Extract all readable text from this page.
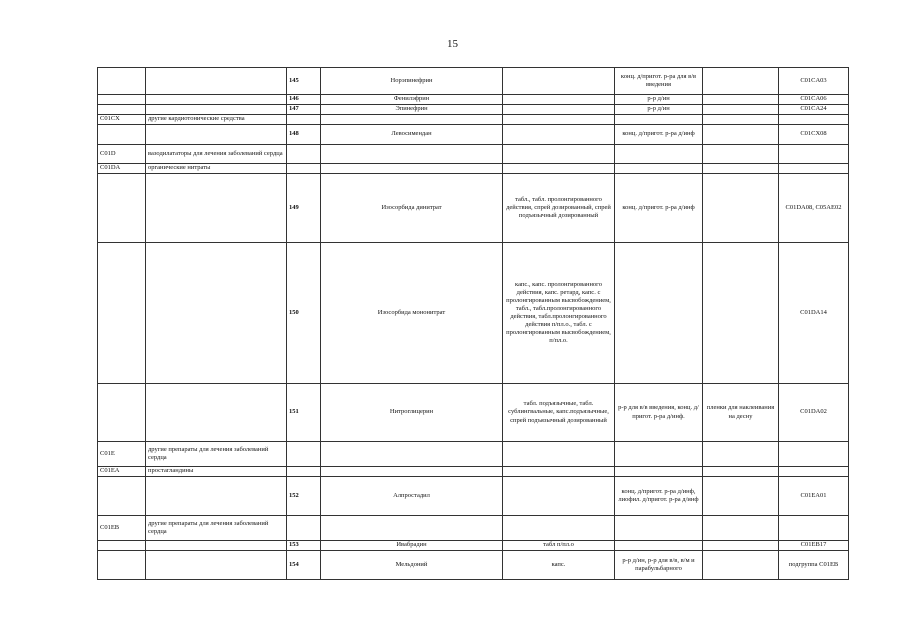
15
		145	Норэпинефрин		конц. д/пригот. р-ра для в/в введения		C01CA03
		146	Фенилэфрин		р-р д/ин		C01CA06
		147	Эпинефрин		р-р д/ин		C01CA24
C01CX	другие кардиотонические средства						
		148	Левосимендан		конц. д/пригот. р-ра д/инф		C01CX08
C01D	вазодилататоры для лечения заболеваний сердца						
C01DA	органические нитраты						
		149	Изосорбида динитрат	табл., табл. пролонгированного действия, спрей дозированный, спрей подъязычный дозированный	конц. д/пригот. р-ра д/инф		C01DA08, C05AE02
		150	Изосорбида мононитрат	капс., капс. пролонгированного действия, капс. ретард, капс. с пролонгированным высвобождением, табл., табл.пролонгированного действия, табл.пролонгированного действия п/пл.о., табл. с пролонгированным высвобождением, п/пл.о.			C01DA14
		151	Нитроглицерин	табл. подъязычные, табл. сублингвальные, капс.подъязычные, спрей подъязычный дозированный	р-р для в/в введения, конц. д/пригот. р-ра д/инф.	пленки для наклеивания на десну	C01DA02
C01E	другие препараты для лечения заболеваний сердца						
C01EA	простагландины						
		152	Алпростадил		конц. д/пригот. р-ра д/инф, лиофил. д/пригот. р-ра д/инф		C01EA01
C01EB	другие препараты для лечения заболеваний сердца						
		153	Ивабрадин	табл п/пл.о			C01EB17
		154	Мельдоний	капс.	р-р д/ин, р-р для в/в, в/м и парабульбарного		подгруппа C01EB
